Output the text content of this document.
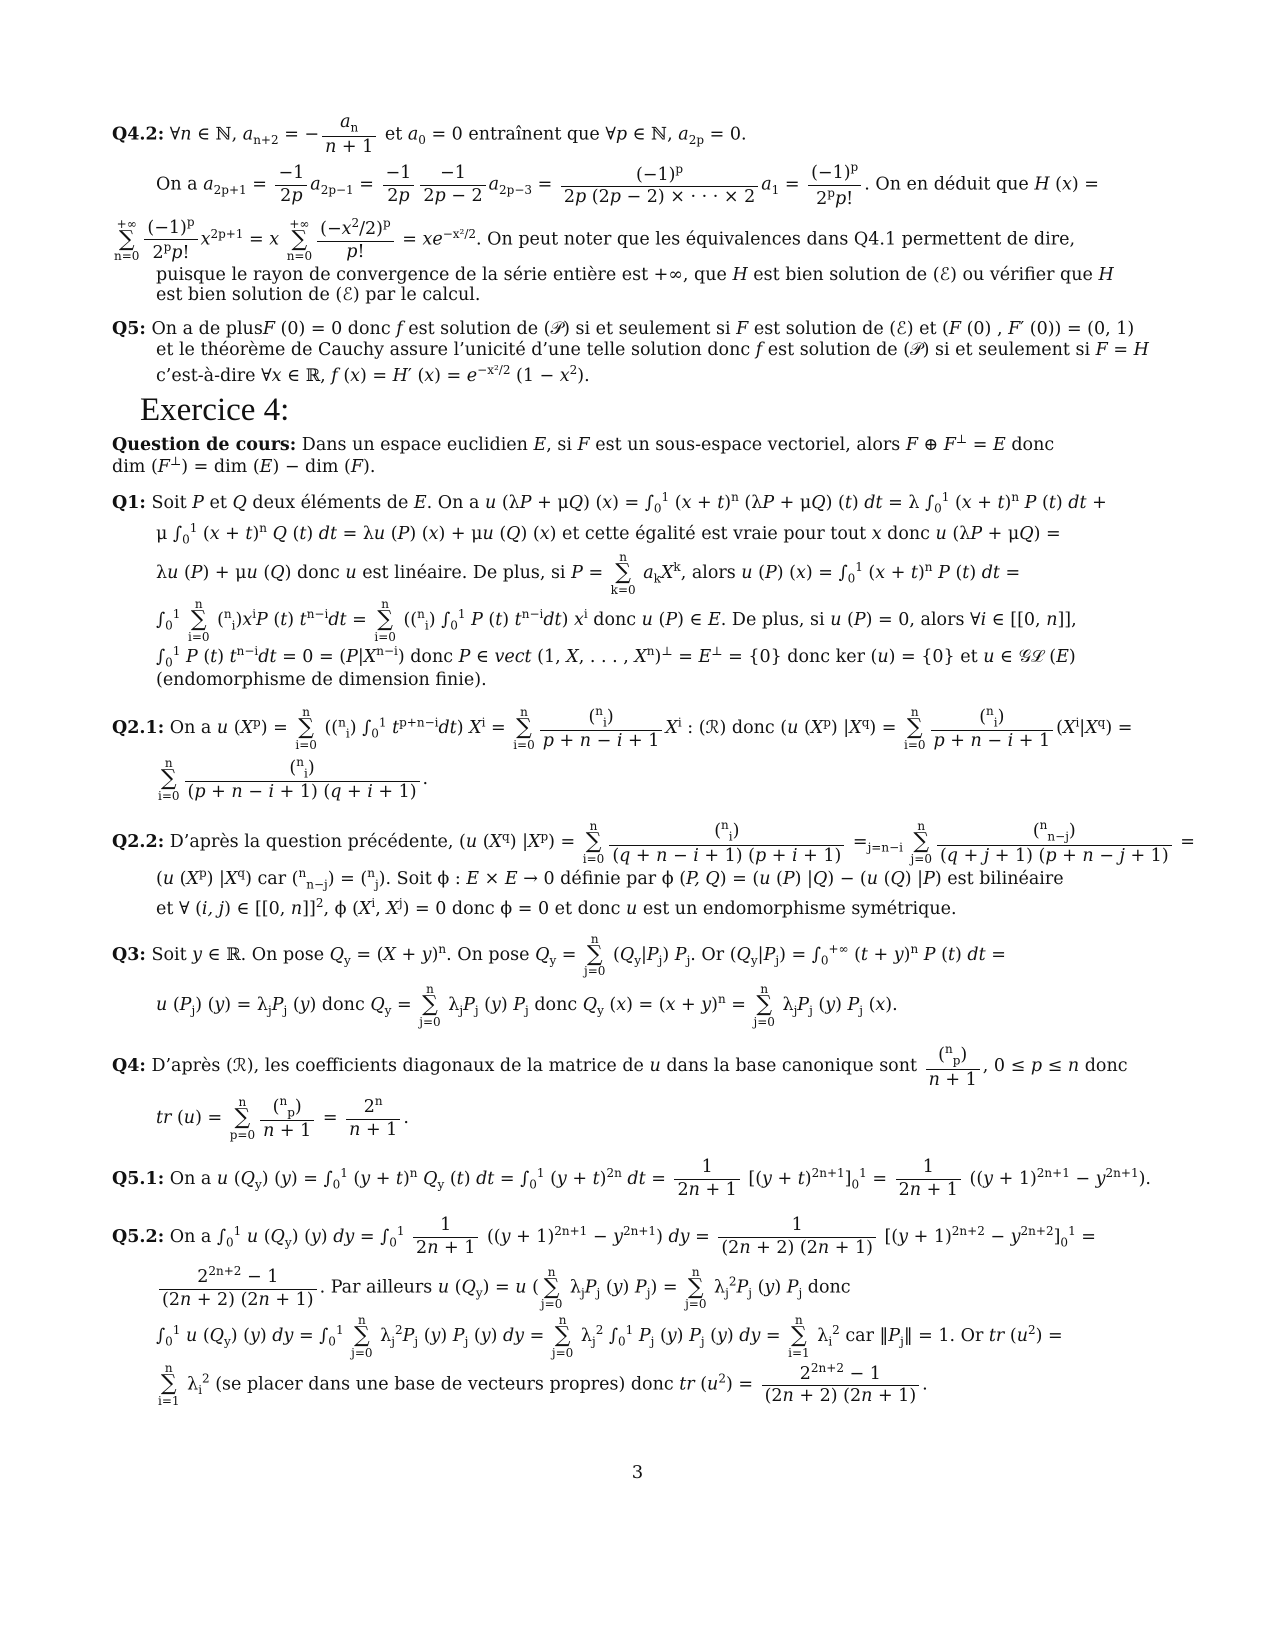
Q4.2: ∀n ∈ ℕ, $a_{n+2}$ = − $\frac{a_n}{n + 1}$ et $a_0 = 0$ entraînent que ∀p ∈ ℕ, $a_{2p} = 0$.
On a $a_{2p+1} = \frac{-1}{2p} a_{2p-1} = \frac{-1}{2p} \frac{-1}{2p - 2} a_{2p-3} = \frac{(-1)^p}{2p (2p - 2) \times \cdot \cdot \cdot \times 2} a_1 = \frac{(-1)^p}{2^pp!}$ . On en déduit que H (x) =
+∞
∑
$n=0 \frac{(-1)^p}{2^pp!} x^{2p+1} = x$ +∞
∑
$n=0 \frac{(-x^2/2)^p}{p!} = xe^{-x^2/2}$. On peut noter que les équivalences dans Q4.1 permettent de dire,
puisque le rayon de convergence de la série entière est +∞, que H est bien solution de (ℰ) ou vérifier que H
est bien solution de (ℰ) par le calcul.
Q5: On a de plusF (0) = 0 donc f est solution de (𝒫) si et seulement si F est solution de (ℰ) et (F (0) , F′ (0)) = (0, 1)
et le théorème de Cauchy assure l’unicité d’une telle solution donc f est solution de (𝒫) si et seulement si F = H
c’est-à-dire ∀x ∈ ℝ, f (x) = H′ $(x) = e^{-x^2/2}$ $(1 - x^2)$.
Exercice 4:
Question de cours: Dans un espace euclidien E, si F est un sous-espace vectoriel, alors F ⊕ F⊥ = E donc
dim (F⊥) = dim (E) − dim (F).
Q1: Soit P et Q deux éléments de E. On a u (λP + μQ) $(x) = \int_0^1$ $(x + t)^n$ (λP + μQ) (t) dt = λ $\int_0^1$ $(x + t)^n$ P (t) dt +
μ $\int_0^1$ $(x + t)^n$ Q (t) dt = λu (P) (x) + μu (Q) (x) et cette égalité est vraie pour tout x donc u (λP + μQ) =
λu (P) + μu (Q) donc u est linéaire. De plus, si P = n
∑
k=0 $a_kX^k$, alors u (P) $(x) = \int_0^1$ $(x + t)^n$ P (t) dt =
$\int_0^1$ n
∑
i=0 $(^n_i)x^iP$ (t) $t^{n-i}dt = n$
∑
i=0 (($^n_i$) $\int_0^1$ P (t) $t^{n-i}dt$) $x^i$ donc u (P) ∈ E. De plus, si u (P) = 0, alors ∀i ∈ [[0, n]],
$\int_0^1$ P (t) $t^{n-i}dt = 0 = (P|X^{n-i})$ donc P ∈ vect (1, X, . . . , $X^n)^\perp = E^\perp = \{0\}$ donc ker (u) = {0} et u ∈ 𝒢ℒ (E)
(endomorphisme de dimension finie).
Q2.1: On a u $(X^p) = n$
∑
i=0 (($^n_i$) $\int_0^1$ $t^{p+n-i}dt$) $X^i = n$
∑
$i=0 \frac{(^n_i)}{p + n - i + 1} X^i$ : (ℛ) donc (u $(X^p) |X^q) = n$
∑
$i=0 \frac{(^n_i)}{p + n - i + 1} (X^i|X^q)$ =
n
∑
$i=0 \frac{(^n_i)}{(p + n - i + 1) (q + i + 1)}$ .
Q2.2: D’après la question précédente, (u $(X^q) |X^p) = n$
∑
$i=0 \frac{(^n_i)}{(q + n - i + 1) (p + i + 1)} =_{j=n-i}$ n
∑
$j=0 \frac{(^n_{n-j})}{(q + j + 1) (p + n - j + 1)}$ =
(u $(X^p)$ $|X^q$) car ($^n_{n-j}$) = ($^n_j$). Soit ϕ : E × E → 0 définie par ϕ (P, Q) = (u (P) |Q) − (u (Q) |P) est bilinéaire
et ∀ (i, j) ∈ [[0, n]]$^2$, ϕ ($X^i$, $X^j) = 0$ donc ϕ = 0 et donc u est un endomorphisme symétrique.
Q3: Soit y ∈ ℝ. On pose $Q_y = (X + y)^n$. On pose $Q_y = n$
∑
j=0 $(Q_y|P_j)$ $P_j$. Or $(Q_y|P_j) = \int_0^{+\infty}$ $(t + y)^n$ P (t) dt =
u $(P_j) (y) = \lambda_jP_j$ (y) donc $Q_y = n$
∑
j=0 $\lambda_jP_j$ (y) $P_j$ donc $Q_y$ $(x) = (x + y)^n = n$
∑
j=0 $\lambda_jP_j$ (y) $P_j$ (x).
Q4: D’après (ℛ), les coefficients diagonaux de la matrice de u dans la base canonique sont $\frac{(^n_p)}{n + 1}$ , 0 ≤ p ≤ n donc
tr (u) = n
∑
$p=0 \frac{(^n_p)}{n + 1} = \frac{2^n}{n + 1}$ .
Q5.1: On a u $(Q_y) (y) = \int_0^1$ $(y + t)^n$ $Q_y$ (t) dt = $\int_0^1$ $(y + t)^{2n}$ dt = $\frac{1}{2n + 1} [(y + t)^{2n+1}]_0^1 = \frac{1}{2n + 1} ((y + 1)^{2n+1} - y^{2n+1})$.
Q5.2: On a $\int_0^1$ u $(Q_y)$ (y) dy = $\int_0^1 \frac{1}{2n + 1} ((y + 1)^{2n+1} - y^{2n+1})$ dy = $\frac{1}{(2n + 2) (2n + 1)} [(y + 1)^{2n+2} - y^{2n+2}]_0^1$ =
$\frac{2^{2n+2} - 1}{(2n + 2) (2n + 1)}$ . Par ailleurs u $(Q_y) = u$ (n
∑
j=0 $\lambda_jP_j$ (y) $P_j) = n$
∑
j=0 $\lambda_j^2P_j$ (y) $P_j$ donc
$\int_0^1$ u $(Q_y)$ (y) dy = $\int_0^1$ n
∑
j=0 $\lambda_j^2P_j$ (y) $P_j$ (y) dy = n
∑
j=0 $\lambda_j^2$ $\int_0^1$ $P_j$ (y) $P_j$ (y) dy = n
∑
i=1 $\lambda_i^2$ car $‖P_j‖ = 1$. Or tr $(u^2)$ =
n
∑
i=1 $\lambda_i^2$ (se placer dans une base de vecteurs propres) donc tr $(u^2) = \frac{2^{2n+2} - 1}{(2n + 2) (2n + 1)}$ .
3
